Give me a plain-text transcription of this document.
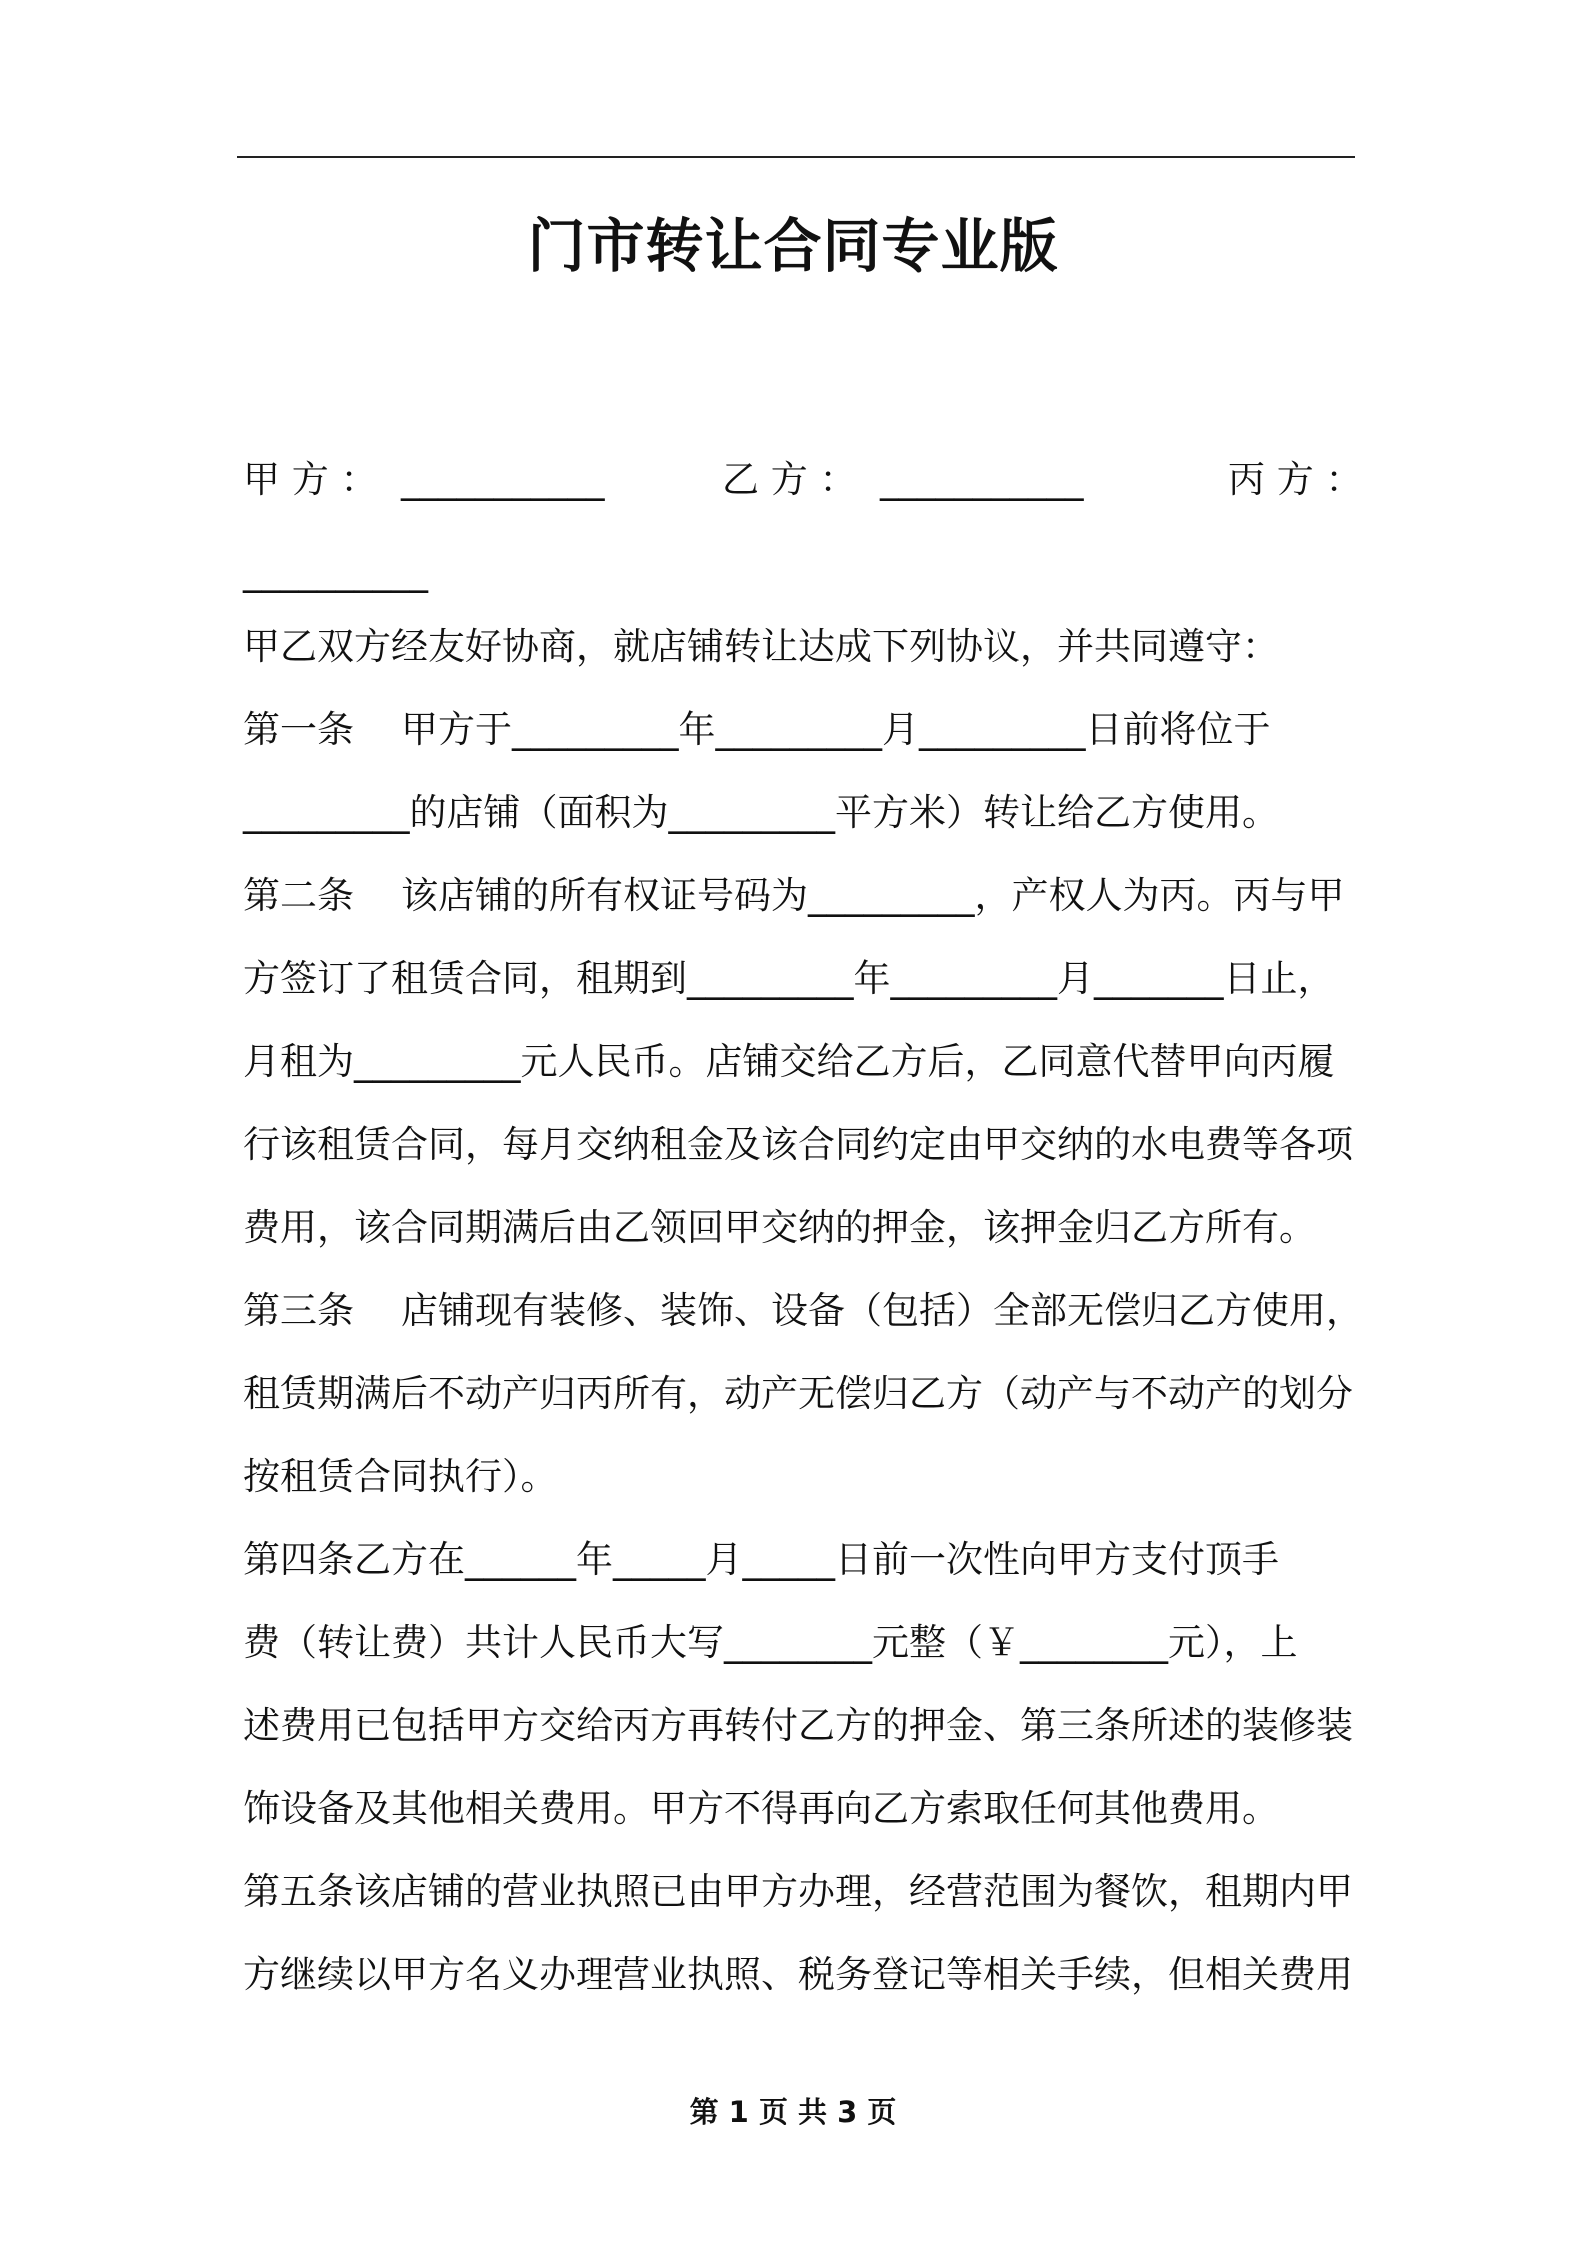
门市转让合同专业版
甲 方 ：  ___________	乙 方 ：  ___________	丙 方 ：
__________
甲乙双方经友好协商，就店铺转让达成下列协议，并共同遵守：
第一条    甲方于_________年_________月_________日前将位于
_________的店铺（面积为_________平方米）转让给乙方使用。
第二条    该店铺的所有权证号码为_________，产权人为丙。丙与甲
方签订了租赁合同，租期到_________年_________月_______日止，
月租为_________元人民币。店铺交给乙方后，乙同意代替甲向丙履
行该租赁合同，每月交纳租金及该合同约定由甲交纳的水电费等各项
费用，该合同期满后由乙领回甲交纳的押金，该押金归乙方所有。
第三条    店铺现有装修、装饰、设备（包括）全部无偿归乙方使用，
租赁期满后不动产归丙所有，动产无偿归乙方（动产与不动产的划分
按租赁合同执行）。
第四条乙方在______年_____月_____日前一次性向甲方支付顶手
费（转让费）共计人民币大写________元整（￥________元），上
述费用已包括甲方交给丙方再转付乙方的押金、第三条所述的装修装
饰设备及其他相关费用。甲方不得再向乙方索取任何其他费用。
第五条该店铺的营业执照已由甲方办理，经营范围为餐饮，租期内甲
方继续以甲方名义办理营业执照、税务登记等相关手续，但相关费用
第 1 页 共 3 页
